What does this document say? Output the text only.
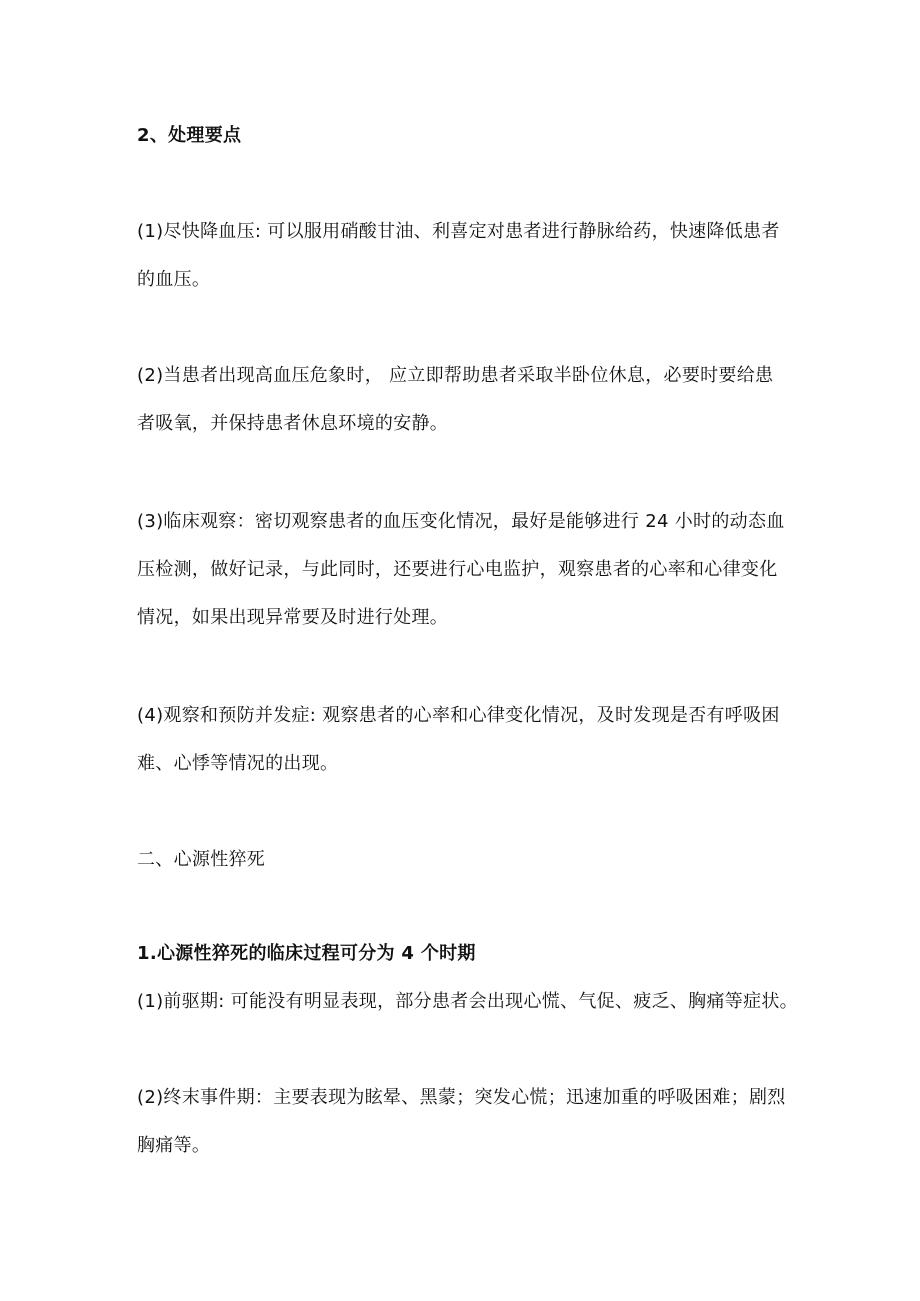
2、处理要点
(1)尽快降血压: 可以服用硝酸甘油、利喜定对患者进行静脉给药，快速降低患者
的血压。
(2)当患者出现高血压危象时， 应立即帮助患者采取半卧位休息，必要时要给患
者吸氧，并保持患者休息环境的安静。
(3)临床观察：密切观察患者的血压变化情况，最好是能够进行 24 小时的动态血
压检测，做好记录，与此同时，还要进行心电监护，观察患者的心率和心律变化
情况，如果出现异常要及时进行处理。
(4)观察和预防并发症: 观察患者的心率和心律变化情况，及时发现是否有呼吸困
难、心悸等情况的出现。
二、心源性猝死
1.心源性猝死的临床过程可分为 4 个时期
(1)前驱期: 可能没有明显表现，部分患者会出现心慌、气促、疲乏、胸痛等症状。
(2)终末事件期：主要表现为眩晕、黑蒙；突发心慌；迅速加重的呼吸困难；剧烈
胸痛等。
